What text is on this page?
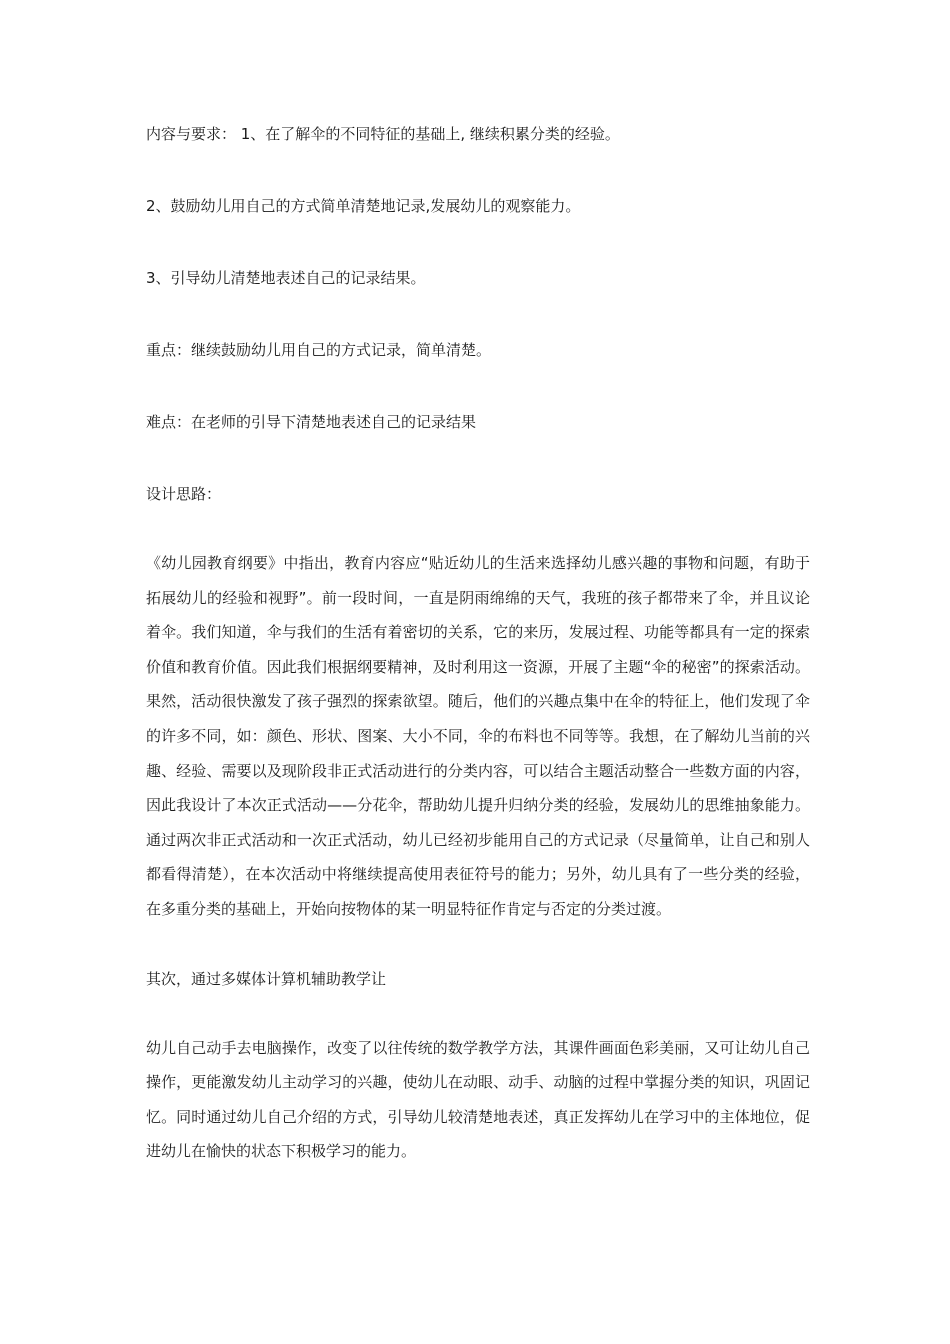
内容与要求： 1、在了解伞的不同特征的基础上, 继续积累分类的经验。

2、鼓励幼儿用自己的方式简单清楚地记录,发展幼儿的观察能力。

3、引导幼儿清楚地表述自己的记录结果。

重点：继续鼓励幼儿用自己的方式记录，简单清楚。

难点：在老师的引导下清楚地表述自己的记录结果

设计思路：

《幼儿园教育纲要》中指出，教育内容应“贴近幼儿的生活来选择幼儿感兴趣的事物和问题，有助于拓展幼儿的经验和视野”。前一段时间，一直是阴雨绵绵的天气，我班的孩子都带来了伞，并且议论着伞。我们知道，伞与我们的生活有着密切的关系，它的来历，发展过程、功能等都具有一定的探索价值和教育价值。因此我们根据纲要精神，及时利用这一资源，开展了主题“伞的秘密”的探索活动。果然，活动很快激发了孩子强烈的探索欲望。随后，他们的兴趣点集中在伞的特征上，他们发现了伞的许多不同，如：颜色、形状、图案、大小不同，伞的布料也不同等等。我想，在了解幼儿当前的兴趣、经验、需要以及现阶段非正式活动进行的分类内容，可以结合主题活动整合一些数方面的内容，因此我设计了本次正式活动——分花伞，帮助幼儿提升归纳分类的经验，发展幼儿的思维抽象能力。通过两次非正式活动和一次正式活动，幼儿已经初步能用自己的方式记录（尽量简单，让自己和别人都看得清楚），在本次活动中将继续提高使用表征符号的能力；另外，幼儿具有了一些分类的经验，在多重分类的基础上，开始向按物体的某一明显特征作肯定与否定的分类过渡。

其次，通过多媒体计算机辅助教学让

幼儿自己动手去电脑操作，改变了以往传统的数学教学方法，其课件画面色彩美丽，又可让幼儿自己操作，更能激发幼儿主动学习的兴趣，使幼儿在动眼、动手、动脑的过程中掌握分类的知识，巩固记忆。同时通过幼儿自己介绍的方式，引导幼儿较清楚地表述，真正发挥幼儿在学习中的主体地位，促进幼儿在愉快的状态下积极学习的能力。
